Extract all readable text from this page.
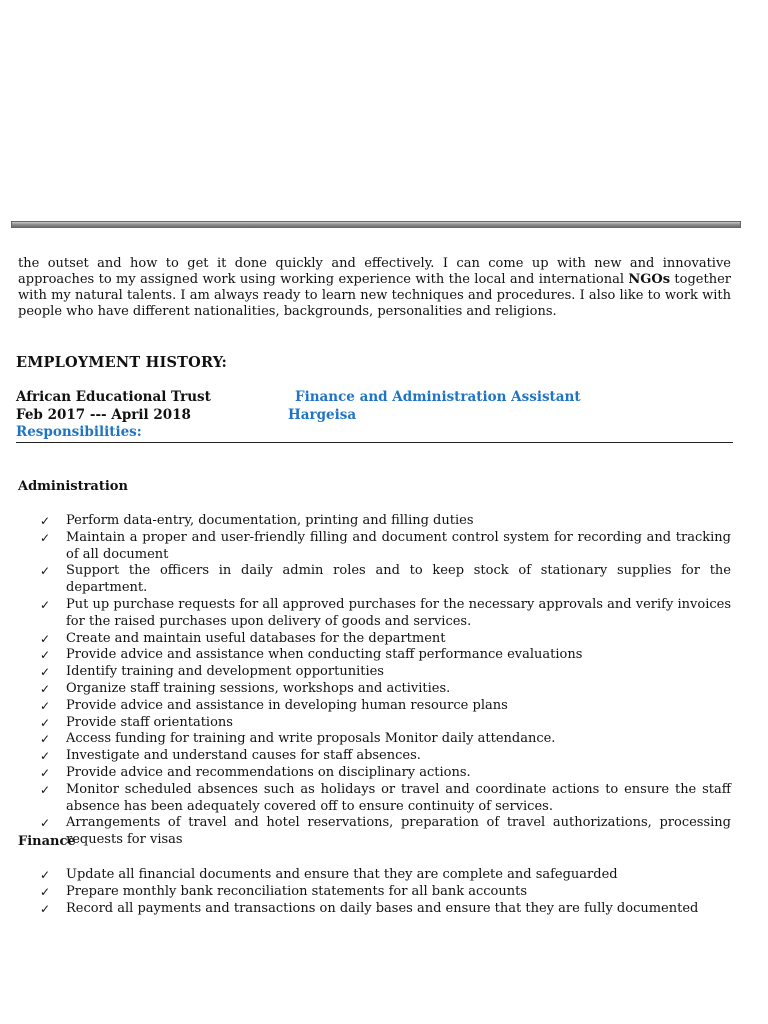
the outset and how to get it done quickly and effectively. I can come up with new and innovative approaches to my assigned work using working experience with the local and international NGOs together with my natural talents. I am always ready to learn new techniques and procedures. I also like to work with people who have different nationalities, backgrounds, personalities and religions.
EMPLOYMENT HISTORY:
African Educational Trust	Finance and Administration Assistant
Feb 2017 --- April 2018	Hargeisa
Responsibilities:
Administration
✓ Perform data-entry, documentation, printing and filling duties
✓ Maintain a proper and user-friendly filling and document control system for recording and tracking of all document
✓ Support the officers in daily admin roles and to keep stock of stationary supplies for the department.
✓ Put up purchase requests for all approved purchases for the necessary approvals and verify invoices for the raised purchases upon delivery of goods and services.
✓ Create and maintain useful databases for the department
✓ Provide advice and assistance when conducting staff performance evaluations
✓ Identify training and development opportunities
✓ Organize staff training sessions, workshops and activities.
✓ Provide advice and assistance in developing human resource plans
✓ Provide staff orientations
✓ Access funding for training and write proposals Monitor daily attendance.
✓ Investigate and understand causes for staff absences.
✓ Provide advice and recommendations on disciplinary actions.
✓ Monitor scheduled absences such as holidays or travel and coordinate actions to ensure the staff absence has been adequately covered off to ensure continuity of services.
✓ Arrangements of travel and hotel reservations, preparation of travel authorizations, processing requests for visas
Finance
✓ Update all financial documents and ensure that they are complete and safeguarded
✓ Prepare monthly bank reconciliation statements for all bank accounts
✓ Record all payments and transactions on daily bases and ensure that they are fully documented
